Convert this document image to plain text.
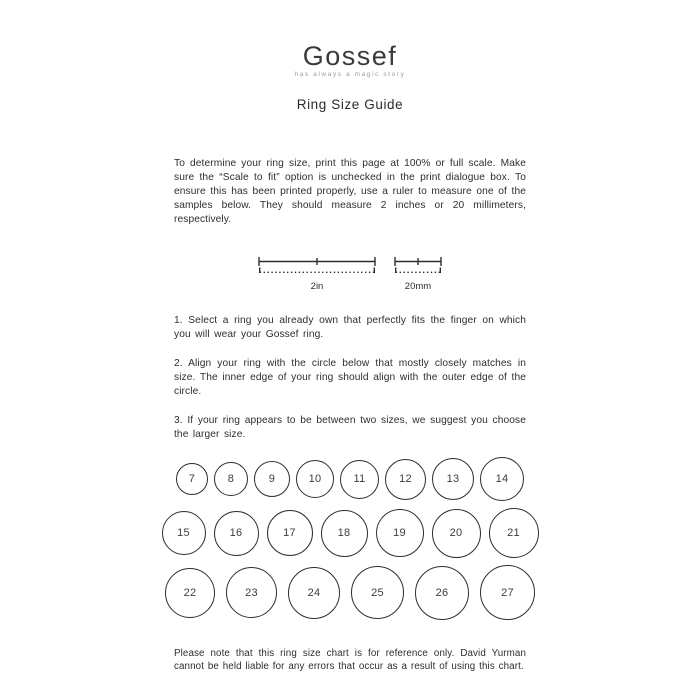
Gossef
has always a magic story
Ring Size Guide

To determine your ring size, print this page at 100% or full scale. Make sure the “Scale to fit” option is unchecked in the print dialogue box. To ensure this has been printed properly, use a ruler to measure one of the samples below. They should measure 2 inches or 20 millimeters, respectively.

2in	20mm

1. Select a ring you already own that perfectly fits the finger on which you will wear your Gossef ring.

2. Align your ring with the circle below that mostly closely matches in size. The inner edge of your ring should align with the outer edge of the circle.

3. If your ring appears to be between two sizes, we suggest you choose the larger size.

7	8	9	10	11	12	13	14
15	16	17	18	19	20	21
22	23	24	25	26	27

Please note that this ring size chart is for reference only. David Yurman cannot be held liable for any errors that occur as a result of using this chart.
